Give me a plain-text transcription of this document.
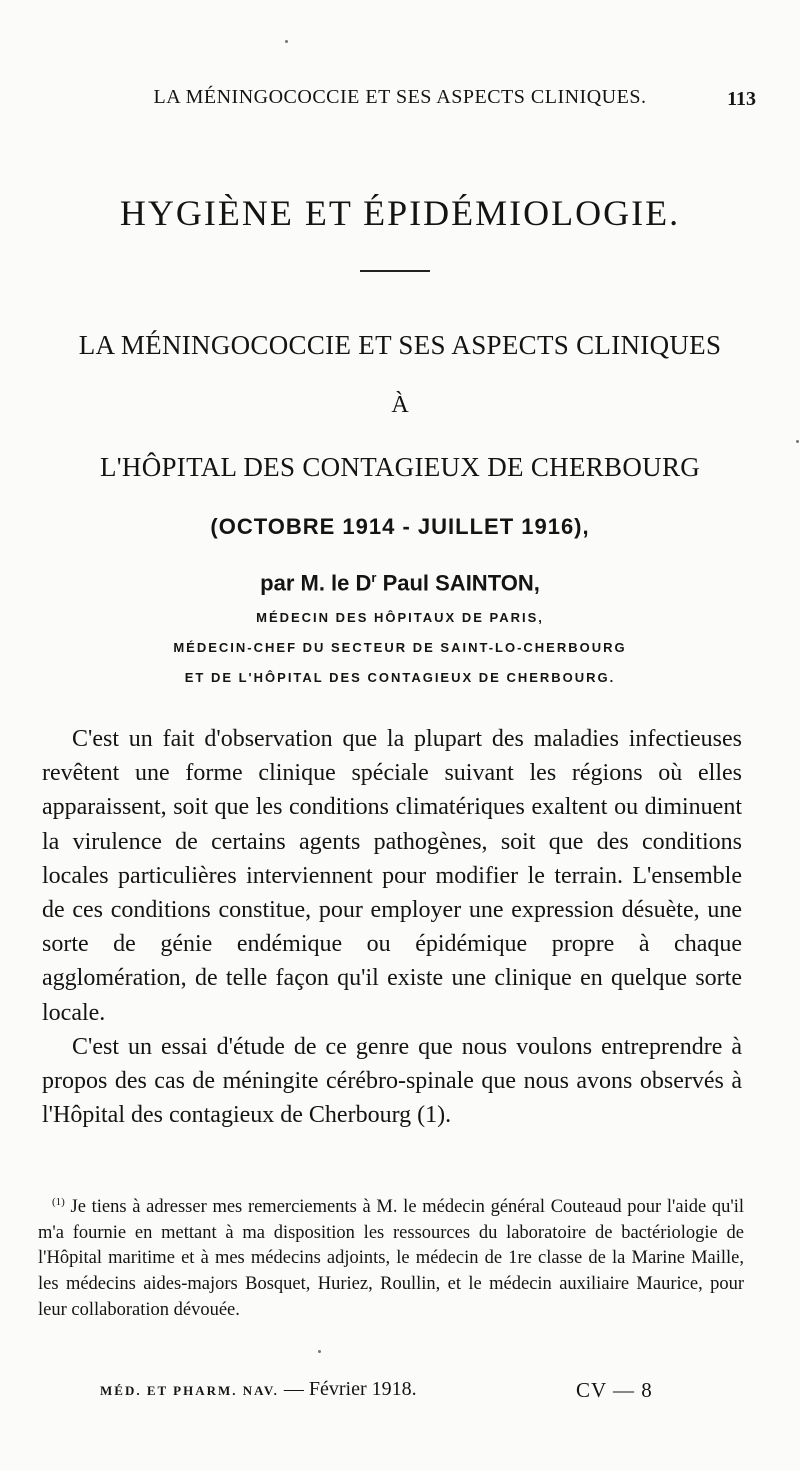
LA MÉNINGOCOCCIE ET SES ASPECTS CLINIQUES.	113
HYGIÈNE ET ÉPIDÉMIOLOGIE.
LA MÉNINGOCOCCIE ET SES ASPECTS CLINIQUES
À
L'HÔPITAL DES CONTAGIEUX DE CHERBOURG
(OCTOBRE 1914 - JUILLET 1916),
par M. le $D^r$ Paul SAINTON,
MÉDECIN DES HÔPITAUX DE PARIS,
MÉDECIN-CHEF DU SECTEUR DE SAINT-LO-CHERBOURG
ET DE L'HÔPITAL DES CONTAGIEUX DE CHERBOURG.

C'est un fait d'observation que la plupart des maladies infectieuses revêtent une forme clinique spéciale suivant les régions où elles apparaissent, soit que les conditions climatériques exaltent ou diminuent la virulence de certains agents pathogènes, soit que des conditions locales particulières interviennent pour modifier le terrain. L'ensemble de ces conditions constitue, pour employer une expression désuète, une sorte de génie endémique ou épidémique propre à chaque agglomération, de telle façon qu'il existe une clinique en quelque sorte locale.

C'est un essai d'étude de ce genre que nous voulons entreprendre à propos des cas de méningite cérébro-spinale que nous avons observés à l'Hôpital des contagieux de Cherbourg (1).

$^{(1)}$ Je tiens à adresser mes remerciements à M. le médecin général Couteaud pour l'aide qu'il m'a fournie en mettant à ma disposition les ressources du laboratoire de bactériologie de l'Hôpital maritime et à mes médecins adjoints, le médecin de 1re classe de la Marine Maille, les médecins aides-majors Bosquet, Huriez, Roullin, et le médecin auxiliaire Maurice, pour leur collaboration dévouée.
MÉD. ET PHARM. NAV. — Février 1918.	CV — 8
